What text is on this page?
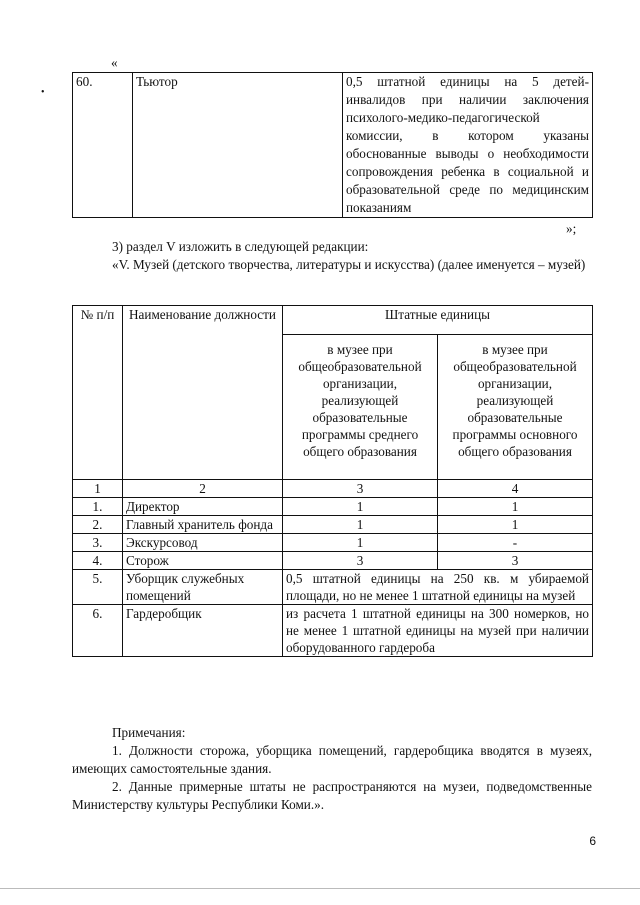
«
•
60.	Тьютор	0,5 штатной единицы на 5 детей-инвалидов при наличии заключения психолого-медико-педагогической комиссии, в котором указаны обоснованные выводы о необходимости сопровождения ребенка в социальной и образовательной среде по медицинским показаниям
»;
3) раздел V изложить в следующей редакции:
«V. Музей (детского творчества, литературы и искусства) (далее именуется – музей)
№ п/п	Наименование должности	Штатные единицы	
		в музее при общеобразовательной организации, реализующей образовательные программы среднего общего образования	в музее при общеобразовательной организации, реализующей образовательные программы основного общего образования
1	2	3	4
1.	Директор	1	1
2.	Главный хранитель фонда	1	1
3.	Экскурсовод	1	-
4.	Сторож	3	3
5.	Уборщик служебных помещений	0,5 штатной единицы на 250 кв. м убираемой площади, но не менее 1 штатной единицы на музей	
6.	Гардеробщик	из расчета 1 штатной единицы на 300 номерков, но не менее 1 штатной единицы на музей при наличии оборудованного гардероба	
Примечания:
1. Должности сторожа, уборщика помещений, гардеробщика вводятся в музеях, имеющих самостоятельные здания.
2. Данные примерные штаты не распространяются на музеи, подведомственные Министерству культуры Республики Коми.».
6
